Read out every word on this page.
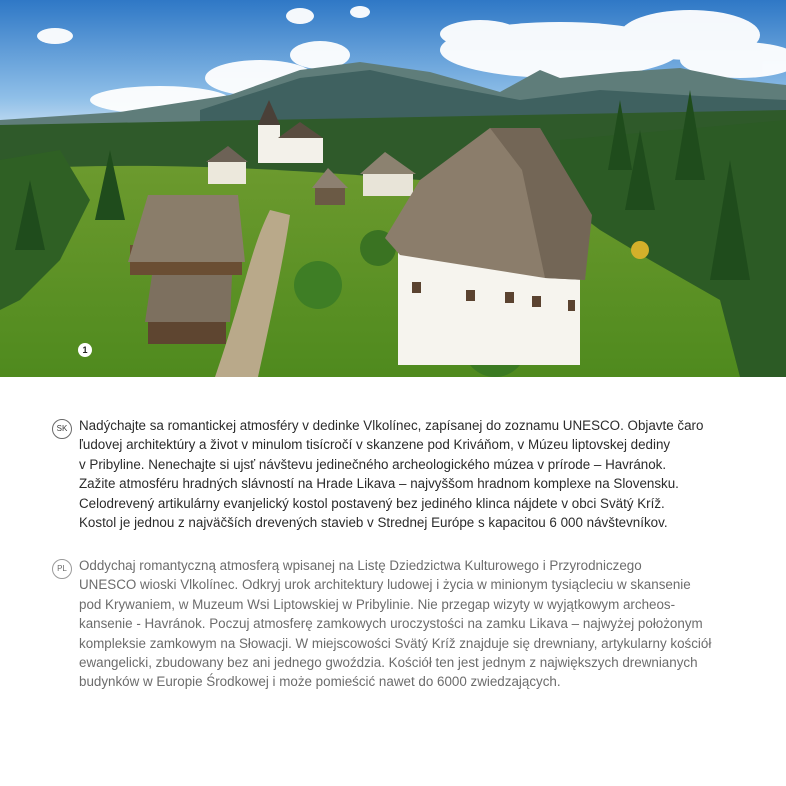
1
SK Nadýchajte sa romantickej atmosféry v dedinke Vlkolínec, zapísanej do zoznamu UNESCO. Objavte čaro
ľudovej architektúry a život v minulom tisícročí v skanzene pod Kriváňom, v Múzeu liptovskej dediny
v Pribyline. Nenechajte si ujsť návštevu jedinečného archeologického múzea v prírode – Havránok.
Zažite atmosféru hradných slávností na Hrade Likava – najvyššom hradnom komplexe na Slovensku.
Celodrevený artikulárny evanjelický kostol postavený bez jediného klinca nájdete v obci Svätý Kríž.
Kostol je jednou z najväčších drevených stavieb v Strednej Európe s kapacitou 6 000 návštevníkov.
PL Oddychaj romantyczną atmosferą wpisanej na Listę Dziedzictwa Kulturowego i Przyrodniczego
UNESCO wioski Vlkolínec. Odkryj urok architektury ludowej i życia w minionym tysiącleciu w skansenie
pod Krywaniem, w Muzeum Wsi Liptowskiej w Pribylinie. Nie przegap wizyty w wyjątkowym archeos-
kansenie - Havránok. Poczuj atmosferę zamkowych uroczystości na zamku Likava – najwyżej położonym
kompleksie zamkowym na Słowacji. W miejscowości Svätý Kríž znajduje się drewniany, artykularny kościół
ewangelicki, zbudowany bez ani jednego gwoździa. Kościół ten jest jednym z największych drewnianych
budynków w Europie Środkowej i może pomieścić nawet do 6000 zwiedzających.
